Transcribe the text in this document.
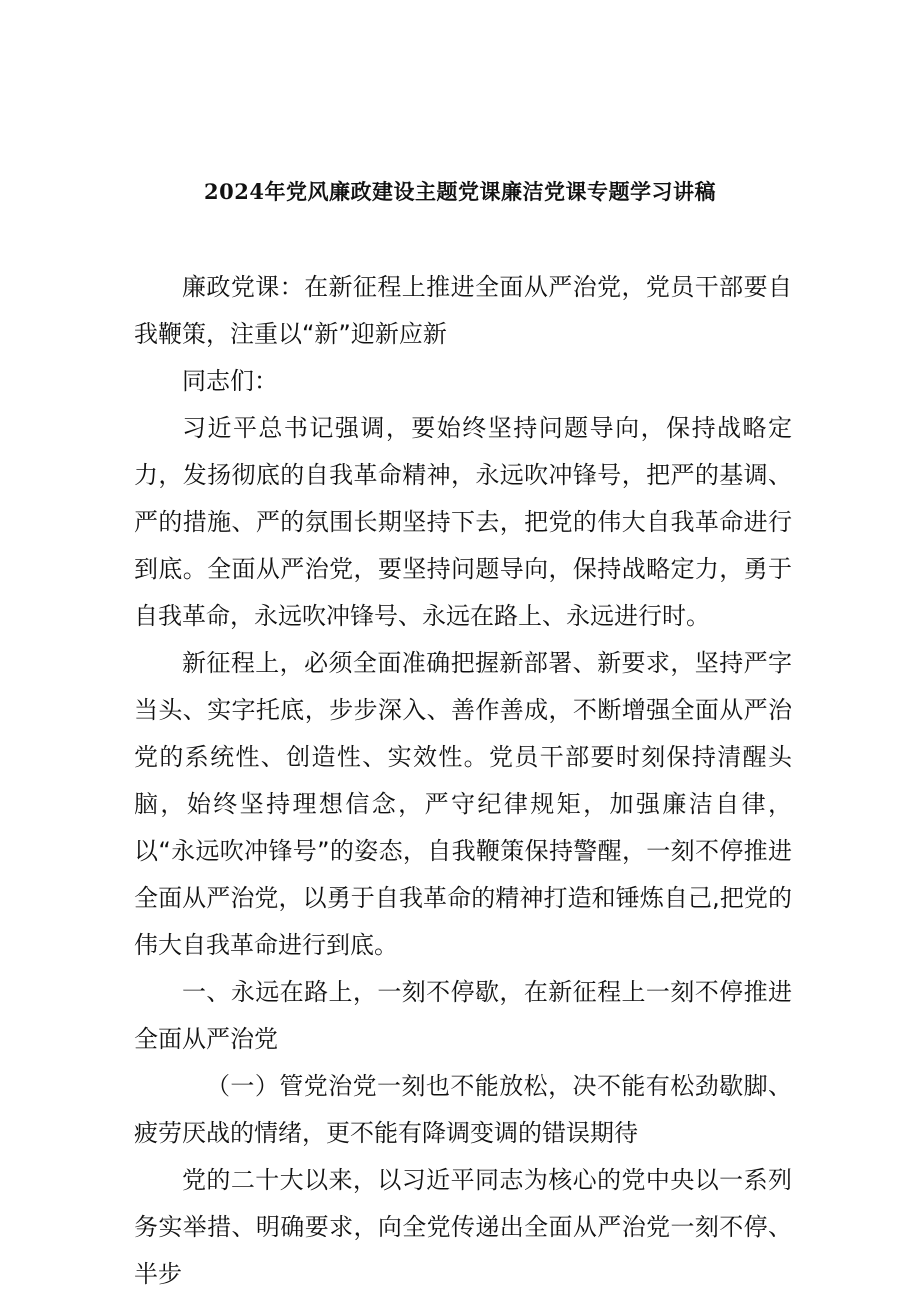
2024年党风廉政建设主题党课廉洁党课专题学习讲稿

廉政党课：在新征程上推进全面从严治党，党员干部要自我鞭策，注重以“新”迎新应新

同志们：

习近平总书记强调，要始终坚持问题导向，保持战略定力，发扬彻底的自我革命精神，永远吹冲锋号，把严的基调、严的措施、严的氛围长期坚持下去，把党的伟大自我革命进行到底。全面从严治党，要坚持问题导向，保持战略定力，勇于自我革命，永远吹冲锋号、永远在路上、永远进行时。

新征程上，必须全面准确把握新部署、新要求，坚持严字当头、实字托底，步步深入、善作善成，不断增强全面从严治党的系统性、创造性、实效性。党员干部要时刻保持清醒头脑，始终坚持理想信念，严守纪律规矩，加强廉洁自律，以“永远吹冲锋号”的姿态，自我鞭策保持警醒，一刻不停推进全面从严治党，以勇于自我革命的精神打造和锤炼自己,把党的伟大自我革命进行到底。

一、永远在路上，一刻不停歇，在新征程上一刻不停推进全面从严治党

（一）管党治党一刻也不能放松，决不能有松劲歇脚、疲劳厌战的情绪，更不能有降调变调的错误期待

党的二十大以来，以习近平同志为核心的党中央以一系列务实举措、明确要求，向全党传递出全面从严治党一刻不停、半步
